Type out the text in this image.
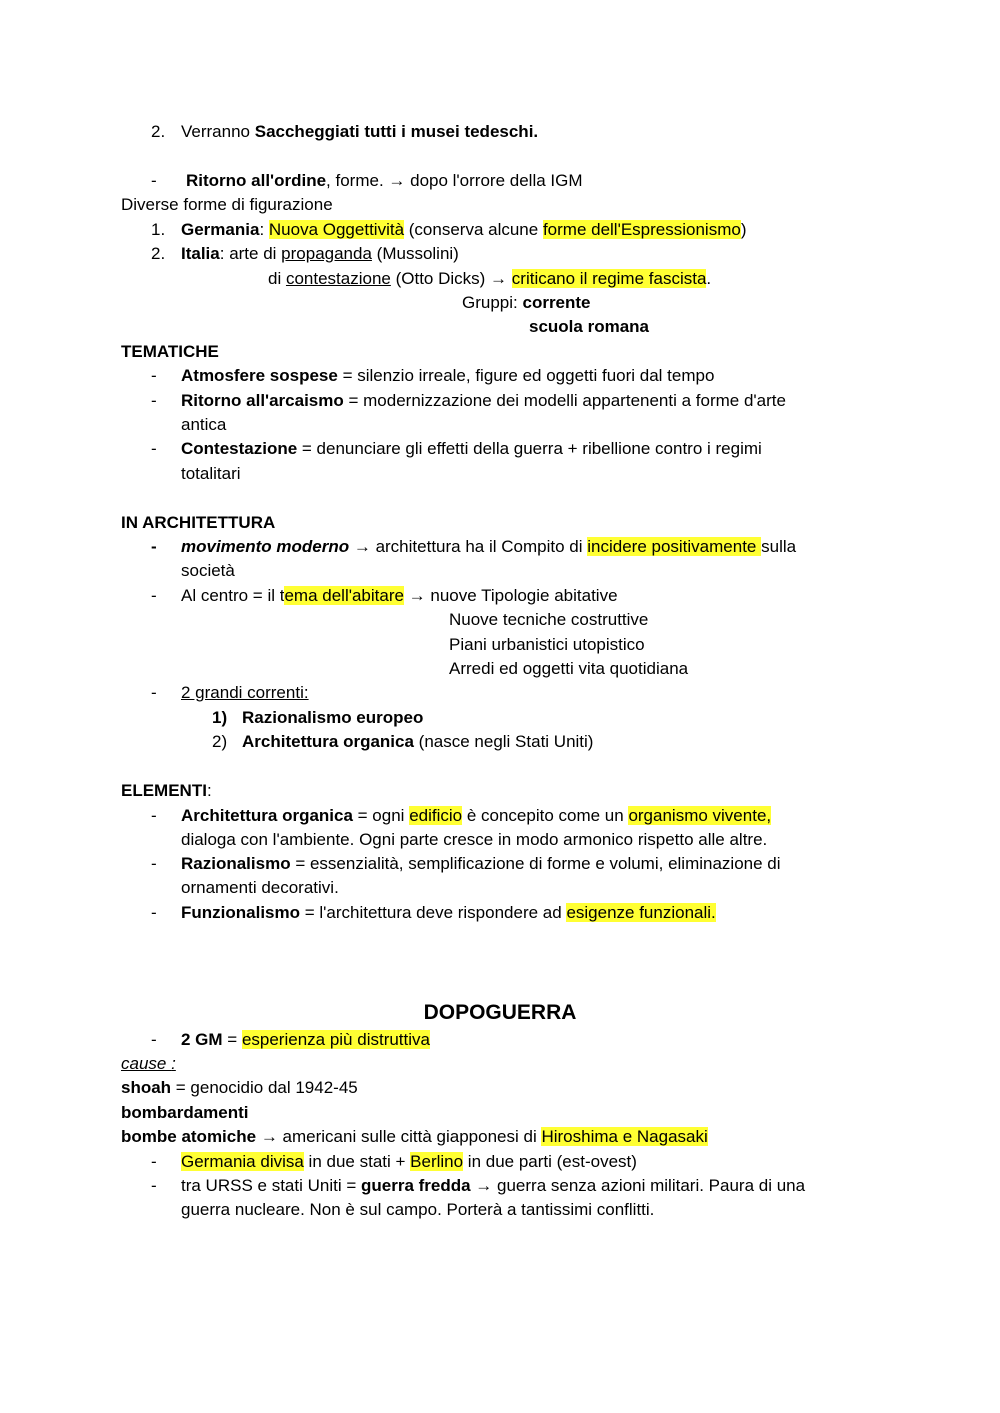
2. Verranno Saccheggiati tutti i musei tedeschi.
- Ritorno all'ordine, forme. → dopo l'orrore della IGM
Diverse forme di figurazione
1. Germania: Nuova Oggettività (conserva alcune forme dell'Espressionismo)
2. Italia: arte di propaganda (Mussolini)
di contestazione (Otto Dicks) → criticano il regime fascista.
Gruppi: corrente
scuola romana
TEMATICHE
- Atmosfere sospese = silenzio irreale, figure ed oggetti fuori dal tempo
- Ritorno all'arcaismo = modernizzazione dei modelli appartenenti a forme d'arte
antica
- Contestazione = denunciare gli effetti della guerra + ribellione contro i regimi
totalitari
IN ARCHITETTURA
- movimento moderno → architettura ha il Compito di incidere positivamente sulla
società
- Al centro = il tema dell'abitare → nuove Tipologie abitative
Nuove tecniche costruttive
Piani urbanistici utopistico
Arredi ed oggetti vita quotidiana
- 2 grandi correnti:
1) Razionalismo europeo
2) Architettura organica (nasce negli Stati Uniti)
ELEMENTI:
- Architettura organica = ogni edificio è concepito come un organismo vivente,
dialoga con l'ambiente. Ogni parte cresce in modo armonico rispetto alle altre.
- Razionalismo = essenzialità, semplificazione di forme e volumi, eliminazione di
ornamenti decorativi.
- Funzionalismo = l'architettura deve rispondere ad esigenze funzionali.
DOPOGUERRA
- 2 GM = esperienza più distruttiva
cause :
shoah = genocidio dal 1942-45
bombardamenti
bombe atomiche → americani sulle città giapponesi di Hiroshima e Nagasaki
- Germania divisa in due stati + Berlino in due parti (est-ovest)
- tra URSS e stati Uniti = guerra fredda → guerra senza azioni militari. Paura di una
guerra nucleare. Non è sul campo. Porterà a tantissimi conflitti.
